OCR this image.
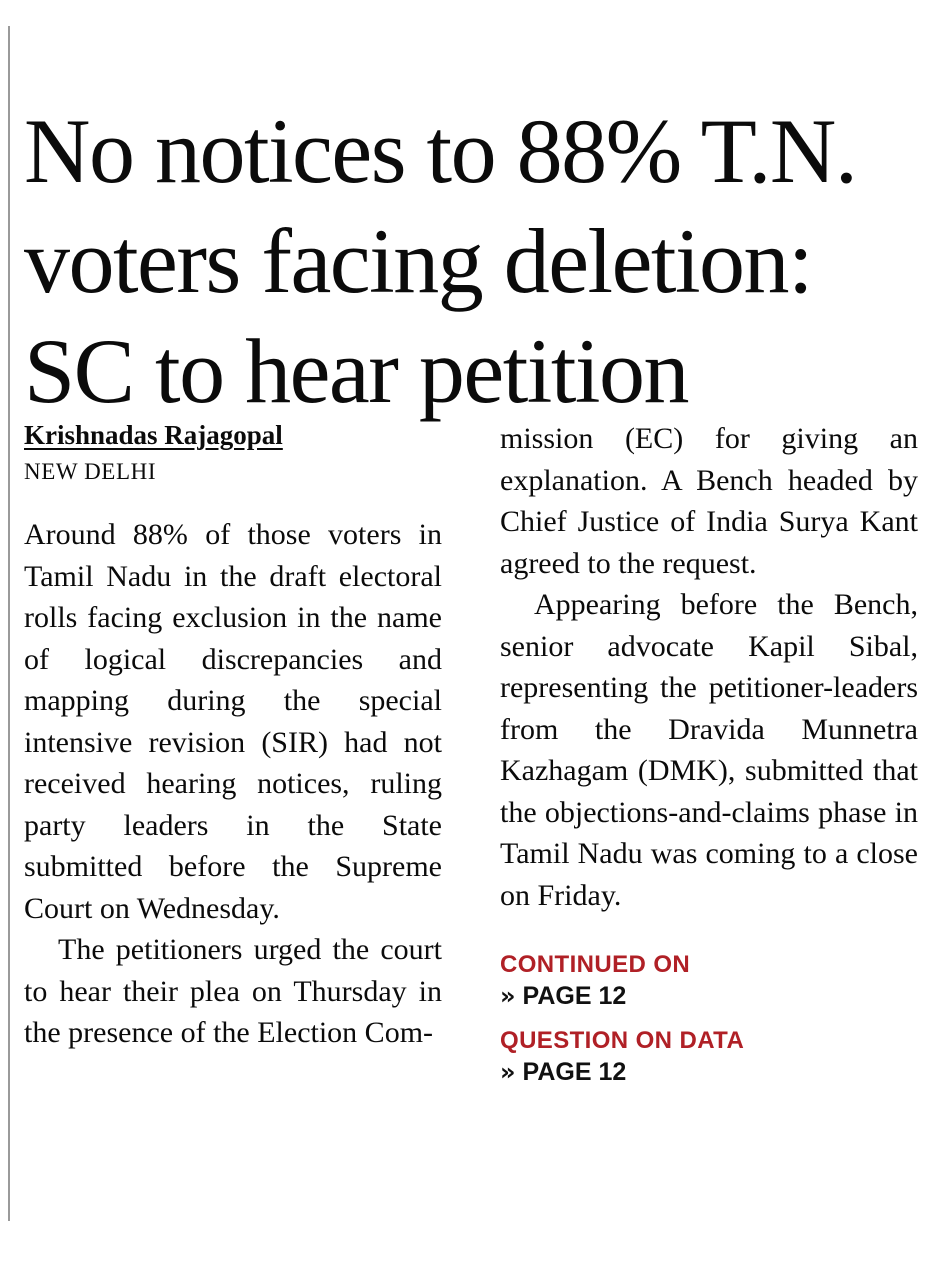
No notices to 88% T.N. voters facing deletion: SC to hear petition
Krishnadas Rajagopal
NEW DELHI

Around 88% of those voters in Tamil Nadu in the draft electoral rolls facing exclusion in the name of logical discrepancies and mapping during the special intensive revision (SIR) had not received hearing notices, ruling party leaders in the State submitted before the Supreme Court on Wednesday.

The petitioners urged the court to hear their plea on Thursday in the presence of the Election Com-

mission (EC) for giving an explanation. A Bench headed by Chief Justice of India Surya Kant agreed to the request.

Appearing before the Bench, senior advocate Kapil Sibal, representing the petitioner-leaders from the Dravida Munnetra Kazhagam (DMK), submitted that the objections-and-claims phase in Tamil Nadu was coming to a close on Friday.

CONTINUED ON
» PAGE 12
QUESTION ON DATA
» PAGE 12
